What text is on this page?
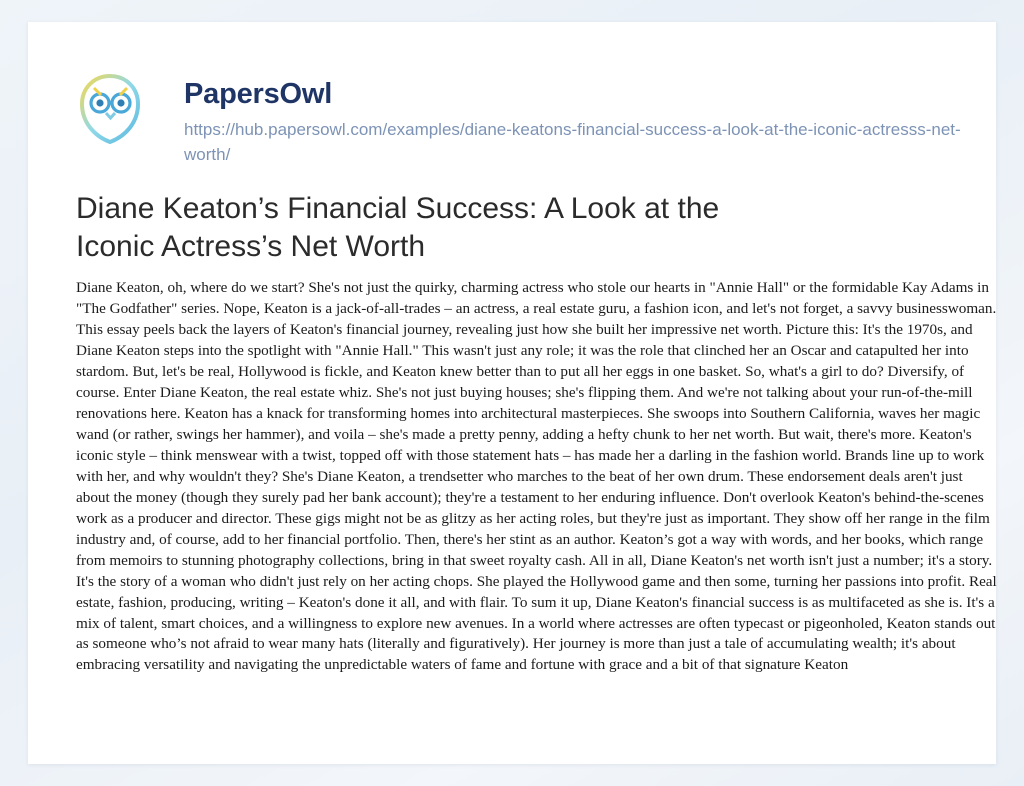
PapersOwl
https://hub.papersowl.com/examples/diane-keatons-financial-success-a-look-at-the-iconic-actresss-net-worth/
Diane Keaton’s Financial Success: A Look at the Iconic Actress’s Net Worth

Diane Keaton, oh, where do we start? She's not just the quirky, charming actress who stole our hearts in "Annie Hall" or the formidable Kay Adams in "The Godfather" series. Nope, Keaton is a jack-of-all-trades – an actress, a real estate guru, a fashion icon, and let's not forget, a savvy businesswoman. This essay peels back the layers of Keaton's financial journey, revealing just how she built her impressive net worth. Picture this: It's the 1970s, and Diane Keaton steps into the spotlight with "Annie Hall." This wasn't just any role; it was the role that clinched her an Oscar and catapulted her into stardom. But, let's be real, Hollywood is fickle, and Keaton knew better than to put all her eggs in one basket. So, what's a girl to do? Diversify, of course. Enter Diane Keaton, the real estate whiz. She's not just buying houses; she's flipping them. And we're not talking about your run-of-the-mill renovations here. Keaton has a knack for transforming homes into architectural masterpieces. She swoops into Southern California, waves her magic wand (or rather, swings her hammer), and voila – she's made a pretty penny, adding a hefty chunk to her net worth. But wait, there's more. Keaton's iconic style – think menswear with a twist, topped off with those statement hats – has made her a darling in the fashion world. Brands line up to work with her, and why wouldn't they? She's Diane Keaton, a trendsetter who marches to the beat of her own drum. These endorsement deals aren't just about the money (though they surely pad her bank account); they're a testament to her enduring influence. Don't overlook Keaton's behind-the-scenes work as a producer and director. These gigs might not be as glitzy as her acting roles, but they're just as important. They show off her range in the film industry and, of course, add to her financial portfolio. Then, there's her stint as an author. Keaton’s got a way with words, and her books, which range from memoirs to stunning photography collections, bring in that sweet royalty cash. All in all, Diane Keaton's net worth isn't just a number; it's a story. It's the story of a woman who didn't just rely on her acting chops. She played the Hollywood game and then some, turning her passions into profit. Real estate, fashion, producing, writing – Keaton's done it all, and with flair. To sum it up, Diane Keaton's financial success is as multifaceted as she is. It's a mix of talent, smart choices, and a willingness to explore new avenues. In a world where actresses are often typecast or pigeonholed, Keaton stands out as someone who’s not afraid to wear many hats (literally and figuratively). Her journey is more than just a tale of accumulating wealth; it's about embracing versatility and navigating the unpredictable waters of fame and fortune with grace and a bit of that signature Keaton
